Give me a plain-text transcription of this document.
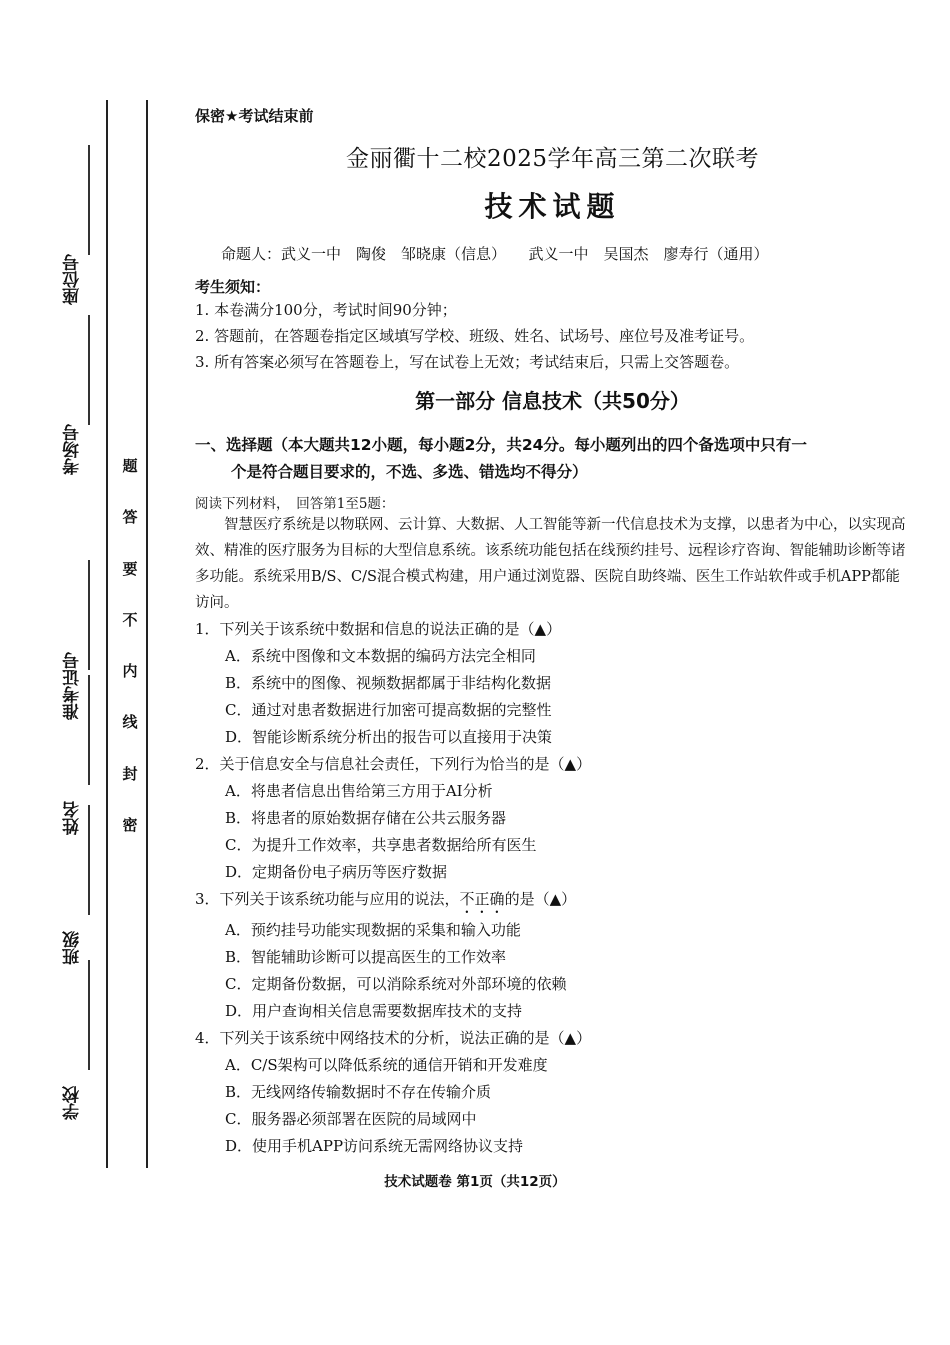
座位号
考场号
准考证号
姓名
班级
学校
题
答
要
不
内
线
封
密
保密★考试结束前
金丽衢十二校2025学年高三第二次联考
技术试题
命题人：武义一中　陶俊　邹晓康（信息）　　武义一中　吴国杰　廖寿行（通用）
考生须知：
1. 本卷满分100分，考试时间90分钟；
2. 答题前，在答题卷指定区域填写学校、班级、姓名、试场号、座位号及准考证号。
3. 所有答案必须写在答题卷上，写在试卷上无效；考试结束后，只需上交答题卷。
第一部分 信息技术（共50分）
一、选择题（本大题共12小题，每小题2分，共24分。每小题列出的四个备选项中只有一
个是符合题目要求的，不选、多选、错选均不得分）
阅读下列材料，　回答第1至5题：
智慧医疗系统是以物联网、云计算、大数据、人工智能等新一代信息技术为支撑，以患者为中心，以实现高效、精准的医疗服务为目标的大型信息系统。该系统功能包括在线预约挂号、远程诊疗咨询、智能辅助诊断等诸多功能。系统采用B/S、C/S混合模式构建，用户通过浏览器、医院自助终端、医生工作站软件或手机APP都能访问。
1．下列关于该系统中数据和信息的说法正确的是（▲）
A．系统中图像和文本数据的编码方法完全相同
B．系统中的图像、视频数据都属于非结构化数据
C．通过对患者数据进行加密可提高数据的完整性
D．智能诊断系统分析出的报告可以直接用于决策
2．关于信息安全与信息社会责任，下列行为恰当的是（▲）
A．将患者信息出售给第三方用于AI分析
B．将患者的原始数据存储在公共云服务器
C．为提升工作效率，共享患者数据给所有医生
D．定期备份电子病历等医疗数据
3．下列关于该系统功能与应用的说法，不正确的是（▲）
A．预约挂号功能实现数据的采集和输入功能
B．智能辅助诊断可以提高医生的工作效率
C．定期备份数据，可以消除系统对外部环境的依赖
D．用户查询相关信息需要数据库技术的支持
4．下列关于该系统中网络技术的分析，说法正确的是（▲）
A．C/S架构可以降低系统的通信开销和开发难度
B．无线网络传输数据时不存在传输介质
C．服务器必须部署在医院的局域网中
D．使用手机APP访问系统无需网络协议支持
技术试题卷 第1页（共12页）
